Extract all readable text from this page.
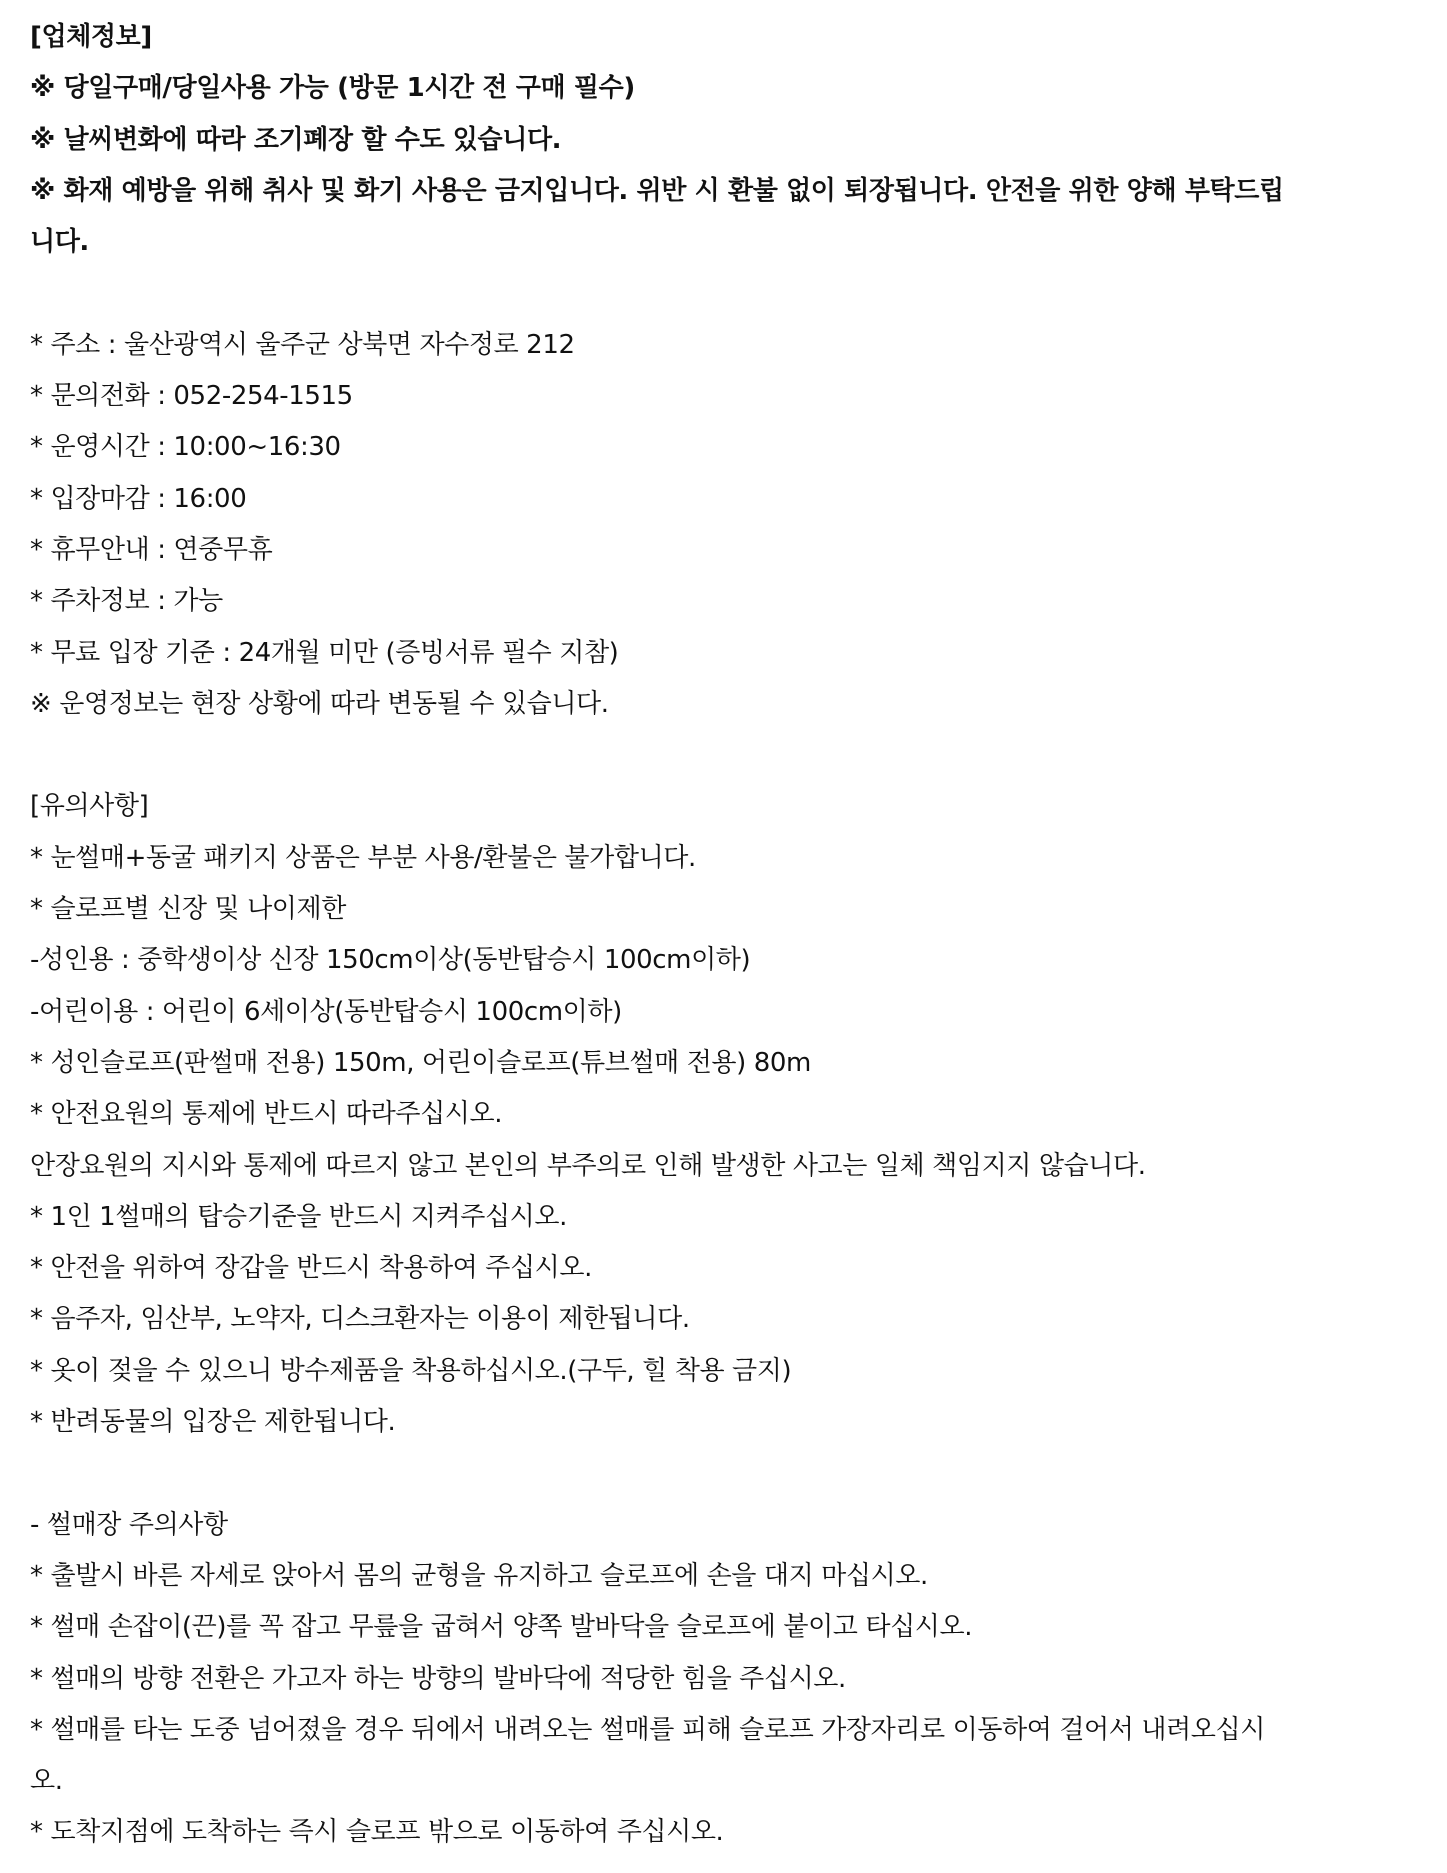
[업체정보]
※ 당일구매/당일사용 가능 (방문 1시간 전 구매 필수)
※ 날씨변화에 따라 조기폐장 할 수도 있습니다.
※ 화재 예방을 위해 취사 및 화기 사용은 금지입니다. 위반 시 환불 없이 퇴장됩니다. 안전을 위한 양해 부탁드립
니다.
* 주소 : 울산광역시 울주군 상북면 자수정로 212
* 문의전화 : 052-254-1515
* 운영시간 : 10:00~16:30
* 입장마감 : 16:00
* 휴무안내 : 연중무휴
* 주차정보 : 가능
* 무료 입장 기준 : 24개월 미만 (증빙서류 필수 지참)
※ 운영정보는 현장 상황에 따라 변동될 수 있습니다.
[유의사항]
* 눈썰매+동굴 패키지 상품은 부분 사용/환불은 불가합니다.
* 슬로프별 신장 및 나이제한
-성인용 : 중학생이상 신장 150cm이상(동반탑승시 100cm이하)
-어린이용 : 어린이 6세이상(동반탑승시 100cm이하)
* 성인슬로프(판썰매 전용) 150m, 어린이슬로프(튜브썰매 전용) 80m
* 안전요원의 통제에 반드시 따라주십시오.
안장요원의 지시와 통제에 따르지 않고 본인의 부주의로 인해 발생한 사고는 일체 책임지지 않습니다.
* 1인 1썰매의 탑승기준을 반드시 지켜주십시오.
* 안전을 위하여 장갑을 반드시 착용하여 주십시오.
* 음주자, 임산부, 노약자, 디스크환자는 이용이 제한됩니다.
* 옷이 젖을 수 있으니 방수제품을 착용하십시오.(구두, 힐 착용 금지)
* 반려동물의 입장은 제한됩니다.
- 썰매장 주의사항
* 출발시 바른 자세로 앉아서 몸의 균형을 유지하고 슬로프에 손을 대지 마십시오.
* 썰매 손잡이(끈)를 꼭 잡고 무릎을 굽혀서 양쪽 발바닥을 슬로프에 붙이고 타십시오.
* 썰매의 방향 전환은 가고자 하는 방향의 발바닥에 적당한 힘을 주십시오.
* 썰매를 타는 도중 넘어졌을 경우 뒤에서 내려오는 썰매를 피해 슬로프 가장자리로 이동하여 걸어서 내려오십시
오.
* 도착지점에 도착하는 즉시 슬로프 밖으로 이동하여 주십시오.
